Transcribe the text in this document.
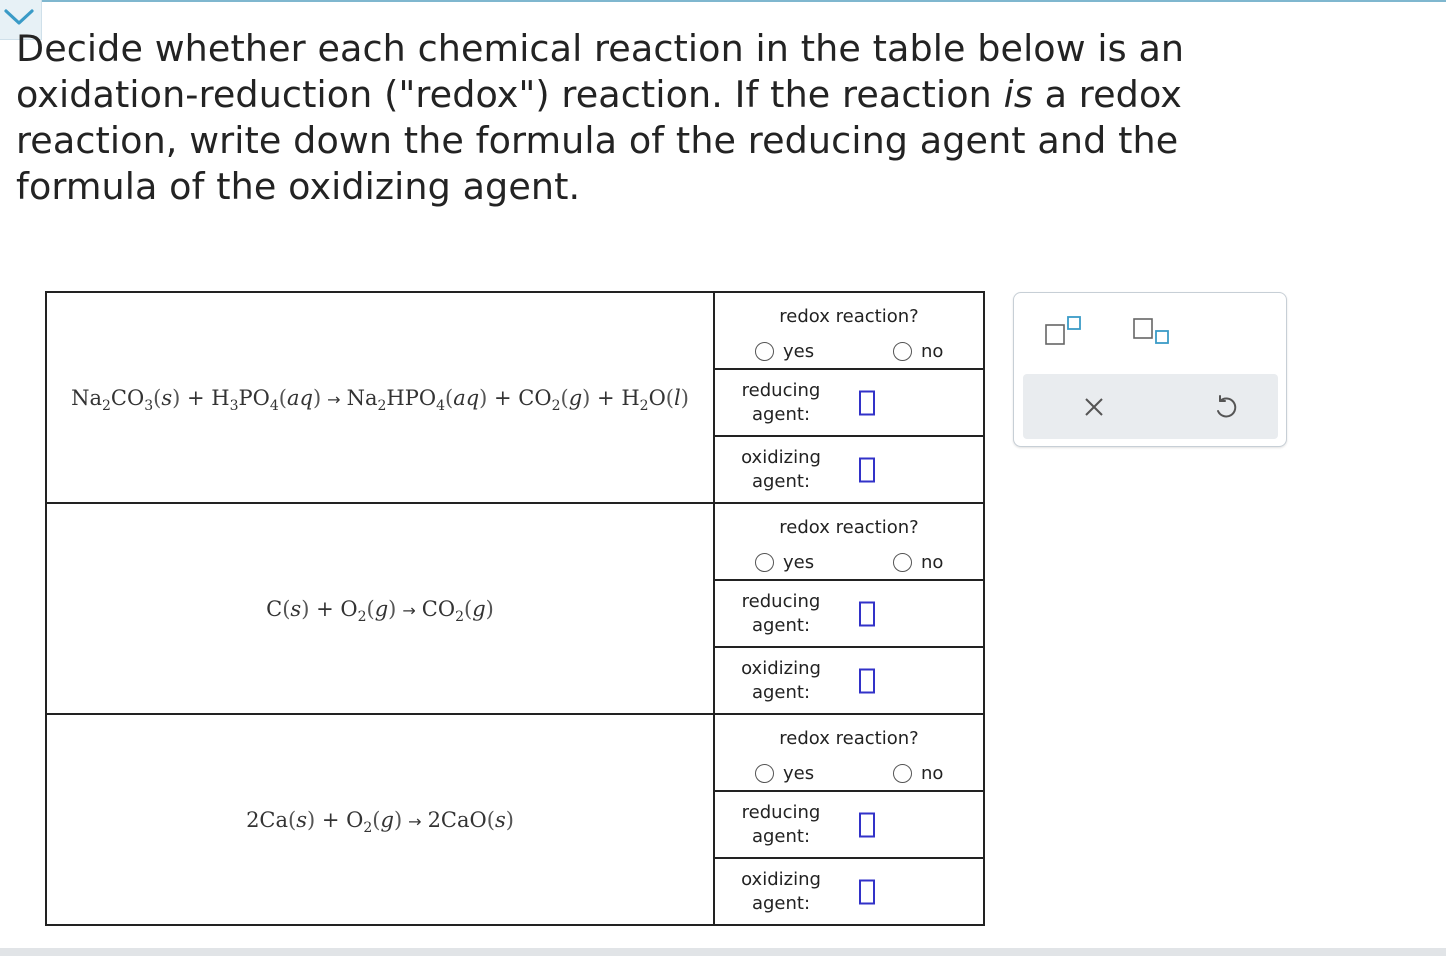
Decide whether each chemical reaction in the table below is an oxidation-reduction ("redox") reaction. If the reaction is a redox reaction, write down the formula of the reducing agent and the formula of the oxidizing agent.
$Na_2CO_3(s) + H_3PO_4(aq) \to Na_2HPO_4(aq) + CO_2(g) + H_2O(l)$	redox reaction?
yes no
reducing agent:
oxidizing agent:

$C(s) + O_2(g) \to CO_2(g)$	redox reaction?
yes no
reducing agent:
oxidizing agent:

$2Ca(s) + O_2(g) \to 2CaO(s)$	redox reaction?
yes no
reducing agent:
oxidizing agent:
